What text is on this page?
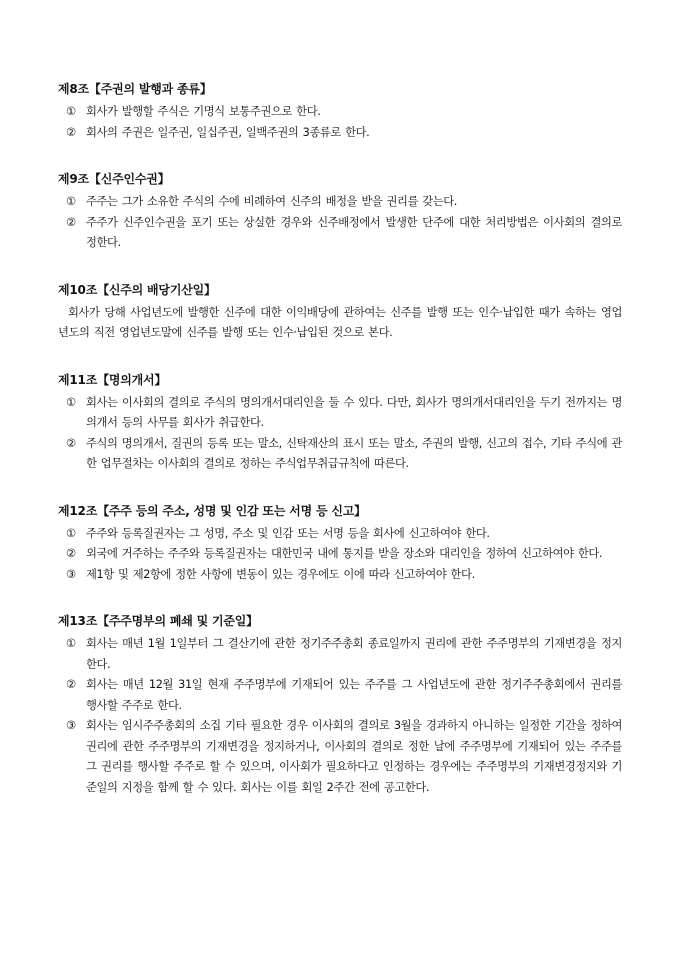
제8조【주권의 발행과 종류】
① 회사가 발행할 주식은 기명식 보통주권으로 한다.
② 회사의 주권은 일주권, 일십주권, 일백주권의 3종류로 한다.
제9조【신주인수권】
① 주주는 그가 소유한 주식의 수에 비례하여 신주의 배정을 받을 권리를 갖는다.
② 주주가 신주인수권을 포기 또는 상실한 경우와 신주배정에서 발생한 단주에 대한 처리방법은 이사회의 결의로 정한다.
제10조【신주의 배당기산일】
회사가 당해 사업년도에 발행한 신주에 대한 이익배당에 관하여는 신주를 발행 또는 인수·납입한 때가 속하는 영업년도의 직전 영업년도말에 신주를 발행 또는 인수·납입된 것으로 본다.
제11조【명의개서】
① 회사는 이사회의 결의로 주식의 명의개서대리인을 둘 수 있다. 다만, 회사가 명의개서대리인을 두기 전까지는 명의개서 등의 사무를 회사가 취급한다.
② 주식의 명의개서, 질권의 등록 또는 말소, 신탁재산의 표시 또는 말소, 주권의 발행, 신고의 접수, 기타 주식에 관한 업무절차는 이사회의 결의로 정하는 주식업무취급규칙에 따른다.
제12조【주주 등의 주소, 성명 및 인감 또는 서명 등 신고】
① 주주와 등록질권자는 그 성명, 주소 및 인감 또는 서명 등을 회사에 신고하여야 한다.
② 외국에 거주하는 주주와 등록질권자는 대한민국 내에 통지를 받을 장소와 대리인을 정하여 신고하여야 한다.
③ 제1항 및 제2항에 정한 사항에 변동이 있는 경우에도 이에 따라 신고하여야 한다.
제13조【주주명부의 폐쇄 및 기준일】
① 회사는 매년 1월 1일부터 그 결산기에 관한 정기주주총회 종료일까지 권리에 관한 주주명부의 기재변경을 정지한다.
② 회사는 매년 12월 31일 현재 주주명부에 기재되어 있는 주주를 그 사업년도에 관한 정기주주총회에서 권리를 행사할 주주로 한다.
③ 회사는 임시주주총회의 소집 기타 필요한 경우 이사회의 결의로 3월을 경과하지 아니하는 일정한 기간을 정하여 권리에 관한 주주명부의 기재변경을 정지하거나, 이사회의 결의로 정한 날에 주주명부에 기재되어 있는 주주를 그 권리를 행사할 주주로 할 수 있으며, 이사회가 필요하다고 인정하는 경우에는 주주명부의 기재변경정지와 기준일의 지정을 함께 할 수 있다. 회사는 이를 회일 2주간 전에 공고한다.
